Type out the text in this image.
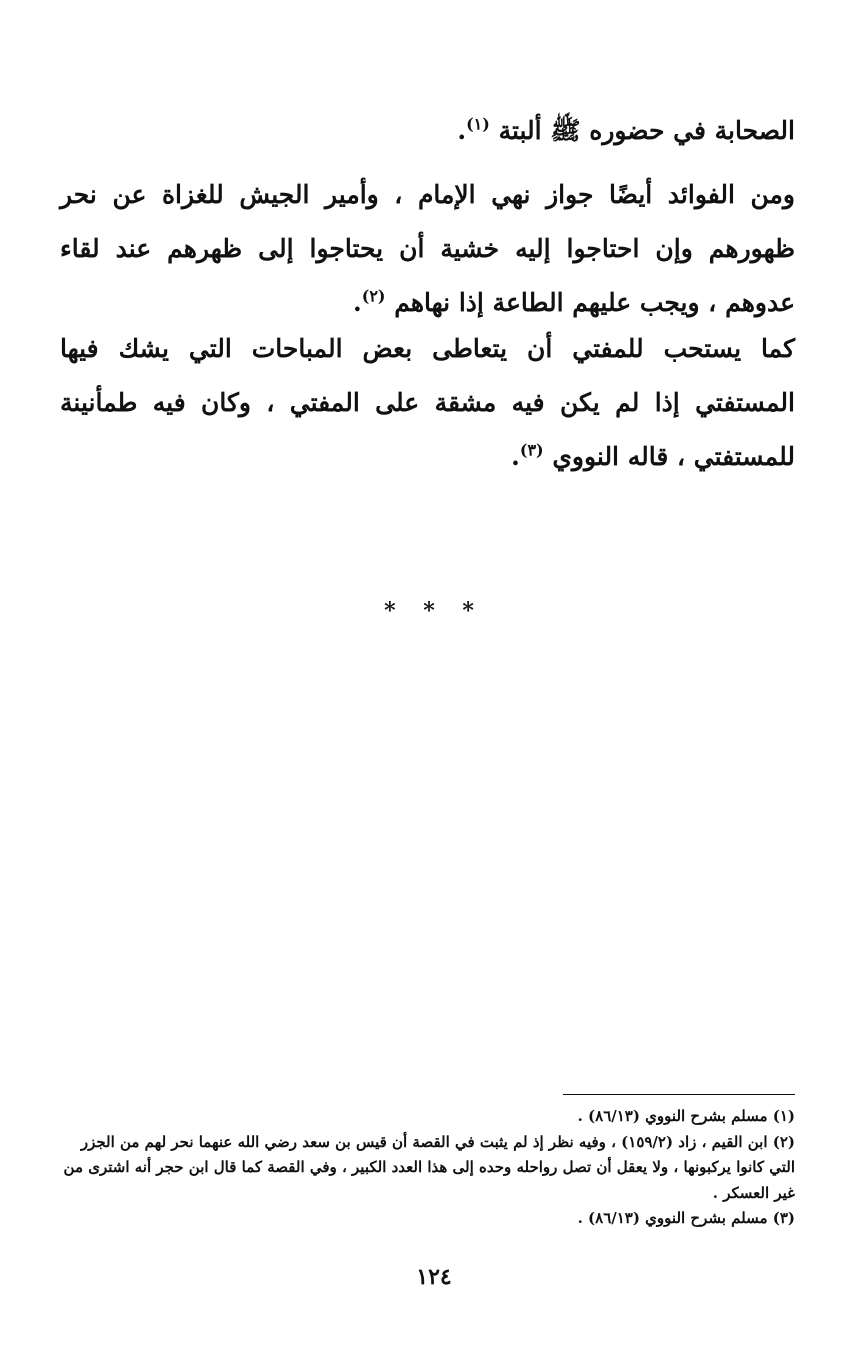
الصحابة في حضوره ﷺ ألبتة $^{(١)}$.

ومن الفوائد أيضًا جواز نهي الإمام ، وأمير الجيش للغزاة عن نحر ظهورهم وإن احتاجوا إليه خشية أن يحتاجوا إلى ظهرهم عند لقاء عدوهم ، ويجب عليهم الطاعة إذا نهاهم $^{(٢)}$.

كما يستحب للمفتي أن يتعاطى بعض المباحات التي يشك فيها المستفتي إذا لم يكن فيه مشقة على المفتي ، وكان فيه طمأنينة للمستفتي ، قاله النووي $^{(٣)}$.

* * *

(١) مسلم بشرح النووي (٨٦/١٣) .

(٢) ابن القيم ، زاد (١٥٩/٢) ، وفيه نظر إذ لم يثبت في القصة أن قيس بن سعد رضي الله عنهما نحر لهم من الجزر التي كانوا يركبونها ، ولا يعقل أن تصل رواحله وحده إلى هذا العدد الكبير ، وفي القصة كما قال ابن حجر أنه اشترى من غير العسكر .

(٣) مسلم بشرح النووي (٨٦/١٣) .

١٢٤
